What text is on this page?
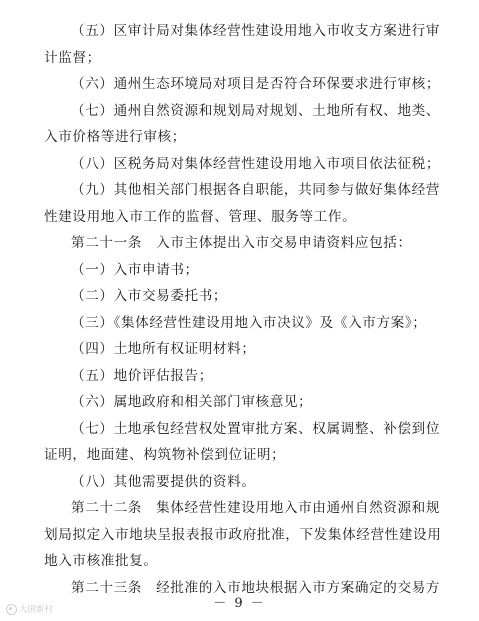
（五）区审计局对集体经营性建设用地入市收支方案进行审
计监督；
（六）通州生态环境局对项目是否符合环保要求进行审核；
（七）通州自然资源和规划局对规划、土地所有权、地类、
入市价格等进行审核；
（八）区税务局对集体经营性建设用地入市项目依法征税；
（九）其他相关部门根据各自职能，共同参与做好集体经营
性建设用地入市工作的监督、管理、服务等工作。
第二十一条　入市主体提出入市交易申请资料应包括：
（一）入市申请书；
（二）入市交易委托书；
（三）《集体经营性建设用地入市决议》及《入市方案》；
（四）土地所有权证明材料；
（五）地价评估报告；
（六）属地政府和相关部门审核意见；
（七）土地承包经营权处置审批方案、权属调整、补偿到位
证明，地面建、构筑物补偿到位证明；
（八）其他需要提供的资料。
第二十二条　集体经营性建设用地入市由通州自然资源和规
划局拟定入市地块呈报表报市政府批准，下发集体经营性建设用
地入市核准批复。
第二十三条　经批准的入市地块根据入市方案确定的交易方
－ 9 －
大国新村
